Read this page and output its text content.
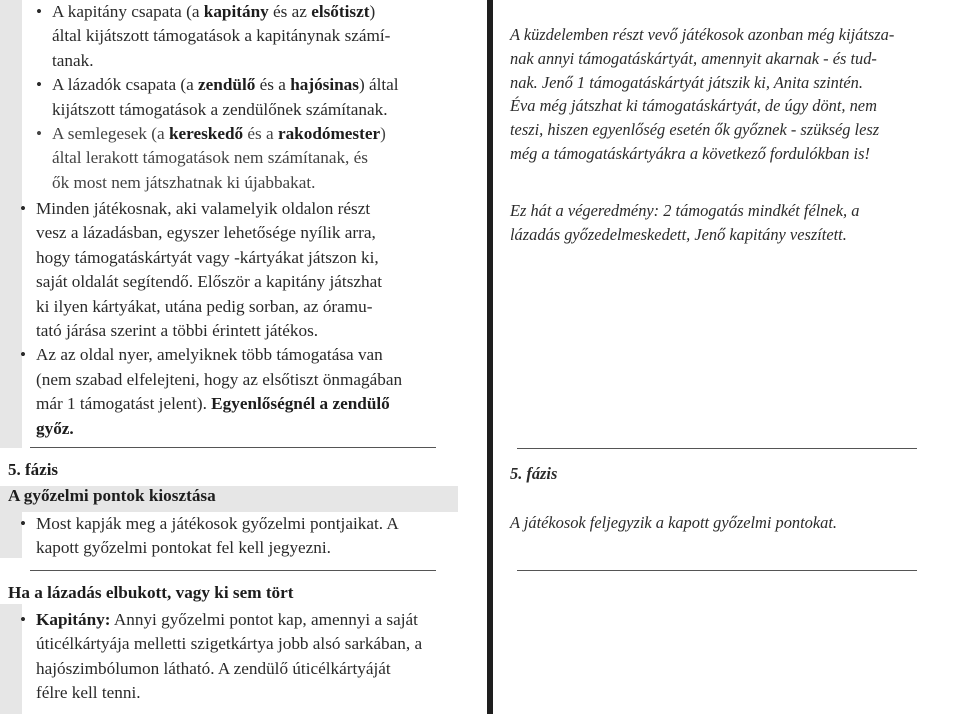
• A kapitány csapata (a kapitány és az elsőtiszt)
által kijátszott támogatások a kapitánynak számí-
tanak.
• A lázadók csapata (a zendülő és a hajósinas) által
kijátszott támogatások a zendülőnek számítanak.
• A semlegesek (a kereskedő és a rakodómester)
által lerakott támogatások nem számítanak, és
ők most nem játszhatnak ki újabbakat.
• Minden játékosnak, aki valamelyik oldalon részt
vesz a lázadásban, egyszer lehetősége nyílik arra,
hogy támogatáskártyát vagy -kártyákat játszon ki,
saját oldalát segítendő. Először a kapitány játszhat
ki ilyen kártyákat, utána pedig sorban, az óramu-
tató járása szerint a többi érintett játékos.
• Az az oldal nyer, amelyiknek több támogatása van
(nem szabad elfelejteni, hogy az elsőtiszt önmagában
már 1 támogatást jelent). Egyenlőségnél a zendülő
győz.
5. fázis
A győzelmi pontok kiosztása
• Most kapják meg a játékosok győzelmi pontjaikat. A
kapott győzelmi pontokat fel kell jegyezni.
Ha a lázadás elbukott, vagy ki sem tört
• Kapitány: Annyi győzelmi pontot kap, amennyi a saját
úticélkártyája melletti szigetkártya jobb alsó sarkában, a
hajószimbólumon látható. A zendülő úticélkártyáját
félre kell tenni.
A küzdelemben részt vevő játékosok azonban még kijátsza-
nak annyi támogatáskártyát, amennyit akarnak - és tud-
nak. Jenő 1 támogatáskártyát játszik ki, Anita szintén.
Éva még játszhat ki támogatáskártyát, de úgy dönt, nem
teszi, hiszen egyenlőség esetén ők győznek - szükség lesz
még a támogatáskártyákra a következő fordulókban is!
Ez hát a végeredmény: 2 támogatás mindkét félnek, a
lázadás győzedelmeskedett, Jenő kapitány veszített.
5. fázis
A játékosok feljegyzik a kapott győzelmi pontokat.
